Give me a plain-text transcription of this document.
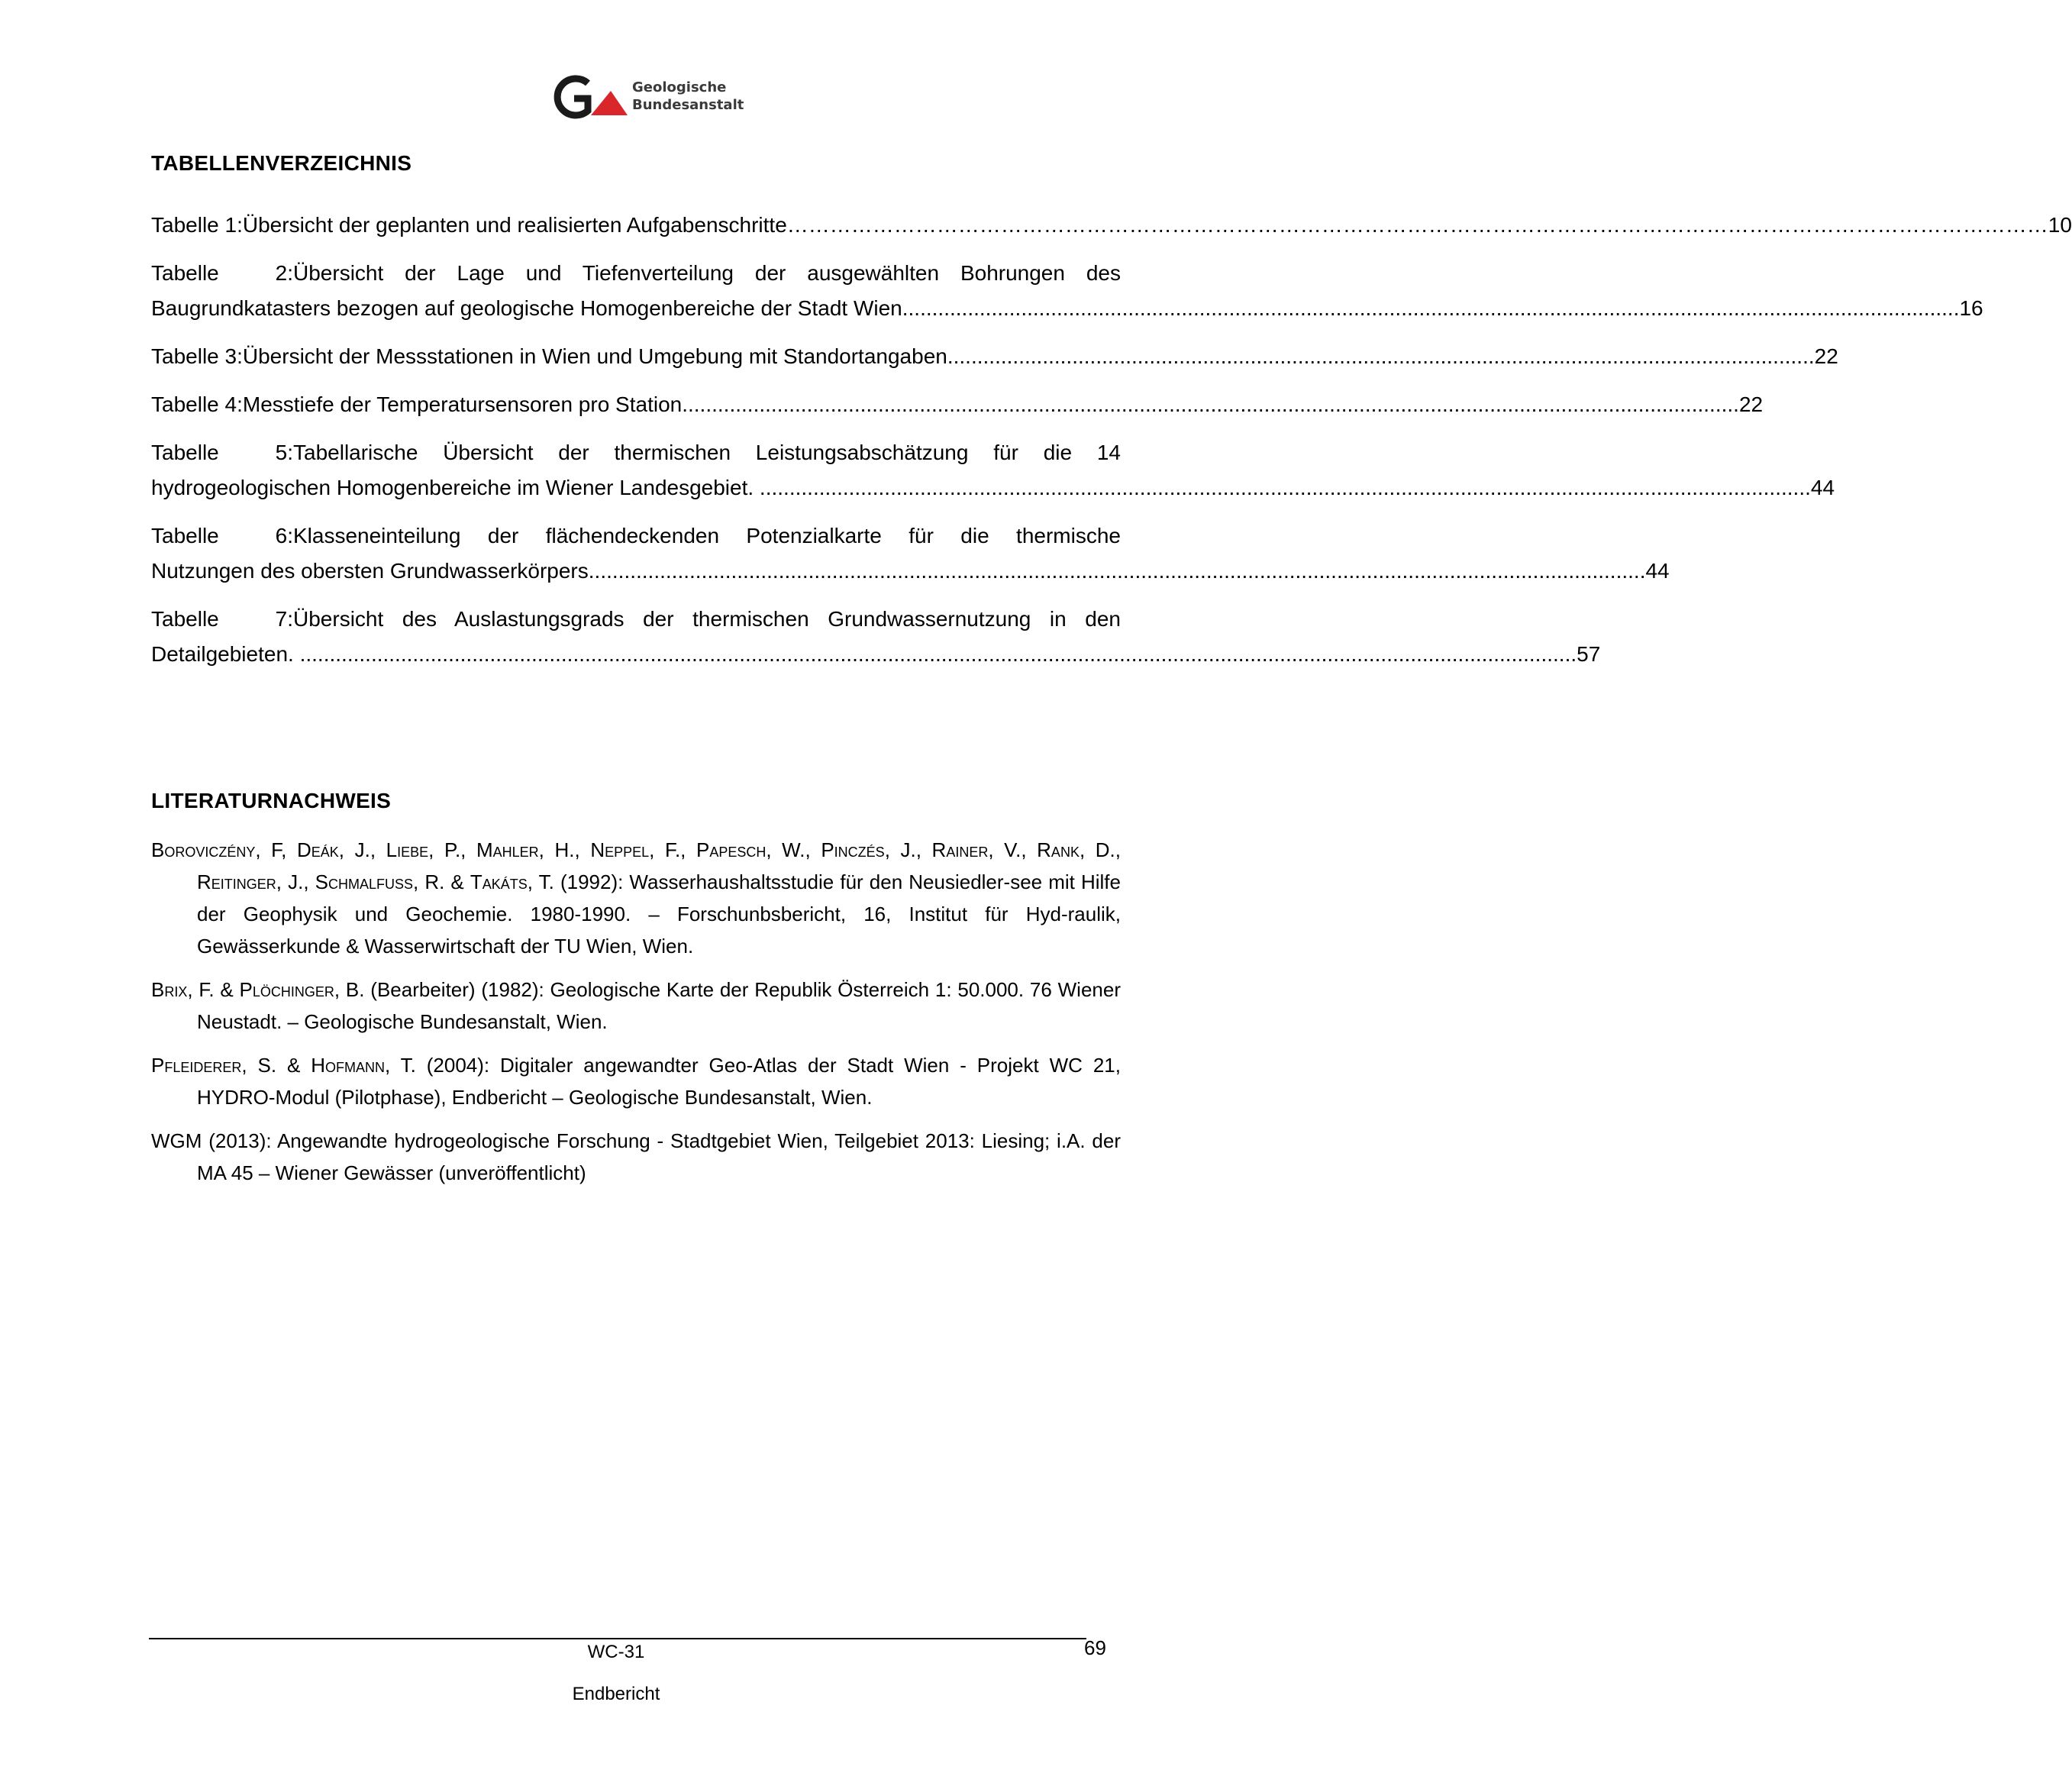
Geologische
Bundesanstalt
TABELLENVERZEICHNIS
Tabelle 1: Übersicht der geplanten und realisierten Aufgabenschritte …………………………………………………………………………………………………………………………………………………………… 10
Tabelle 2:Übersicht der Lage und Tiefenverteilung der ausgewählten Bohrungen des
Baugrundkatasters bezogen auf geologische Homogenbereiche der Stadt Wien. ................................................................................................................................................................................. 16
Tabelle 3: Übersicht der Messstationen in Wien und Umgebung mit Standortangaben. ................................................................................................................................................. 22
Tabelle 4: Messtiefe der Temperatursensoren pro Station. ................................................................................................................................................................................. 22
Tabelle 5:Tabellarische Übersicht der thermischen Leistungsabschätzung für die 14
hydrogeologischen Homogenbereiche im Wiener Landesgebiet. ................................................................................................................................................................................. 44
Tabelle 6:Klasseneinteilung der flächendeckenden Potenzialkarte für die thermische
Nutzungen des obersten Grundwasserkörpers. ................................................................................................................................................................................. 44
Tabelle 7:Übersicht des Auslastungsgrads der thermischen Grundwassernutzung in den
Detailgebieten. ....................................................................................................................................................................................................................... 57
LITERATURNACHWEIS

Boroviczény, F, Deák, J., Liebe, P., Mahler, H., Neppel, F., Papesch, W., Pinczés, J., Rainer, V., Rank, D., Reitinger, J., Schmalfuß, R. & Takáts, T. (1992): Wasserhaushaltsstudie für den Neusiedler-see mit Hilfe der Geophysik und Geochemie. 1980-1990. – Forschunbsbericht, 16, Institut für Hyd-raulik, Gewässerkunde & Wasserwirtschaft der TU Wien, Wien.

Brix, F. & Plöchinger, B. (Bearbeiter) (1982): Geologische Karte der Republik Österreich 1: 50.000. 76 Wiener Neustadt. – Geologische Bundesanstalt, Wien.

Pfleiderer, S. & Hofmann, T. (2004): Digitaler angewandter Geo-Atlas der Stadt Wien - Projekt WC 21, HYDRO-Modul (Pilotphase), Endbericht – Geologische Bundesanstalt, Wien.

WGM (2013): Angewandte hydrogeologische Forschung - Stadtgebiet Wien, Teilgebiet 2013: Liesing; i.A. der MA 45 – Wiener Gewässer (unveröffentlicht)

WC-31	69
Endbericht
